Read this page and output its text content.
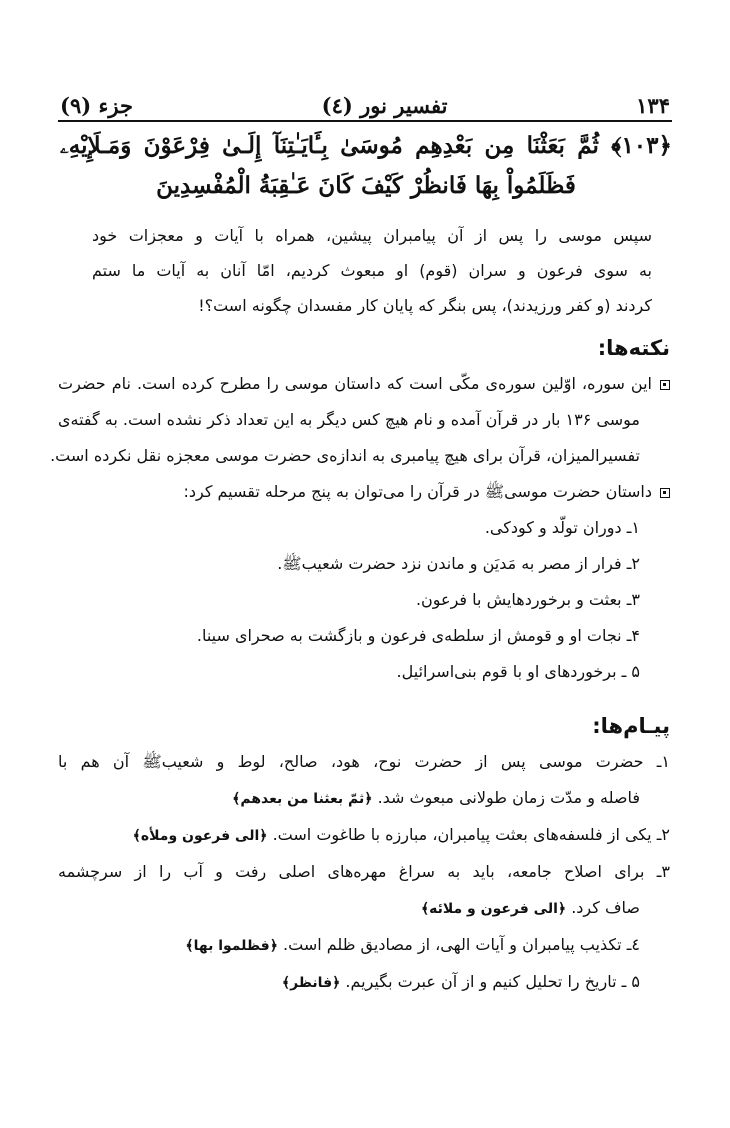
۱۳۴
تفسیر نور (٤)
جزء (۹)
﴿۱۰۳﴾ ثُمَّ بَعَثْنَا مِن بَعْدِهِم مُوسَىٰ بِـَٔايَـٰتِنَآ إِلَـىٰ فِرْعَوْنَ وَمَـلَإِيْهِۦ
فَظَلَمُواْ بِهَا فَانظُرْ كَيْفَ كَانَ عَـٰقِبَةُ الْمُفْسِدِينَ
سپس موسی را پس از آن پیامبران پیشین، همراه با آیات و معجزات خود
به سوی فرعون و سران (قوم) او مبعوث کردیم، امّا آنان به آیات ما ستم
کردند (و کفر ورزیدند)، پس بنگر که پایان کار مفسدان چگونه است؟!
نکته‌ها:
این سوره، اوّلین سوره‌ی مکّی است که داستان موسی را مطرح کرده است. نام حضرت
موسی ۱۳۶ بار در قرآن آمده و نام هیچ کس دیگر به این تعداد ذکر نشده است. به گفته‌ی
تفسیرالمیزان، قرآن برای هیچ پیامبری به اندازه‌ی حضرت موسی معجزه نقل نکرده است.
داستان حضرت موسی‌ﷺ در قرآن را می‌توان به پنج مرحله تقسیم کرد:
۱ـ دوران تولّد و کودکی.
۲ـ فرار از مصر به مَدیَن و ماندن نزد حضرت شعیب‌ﷺ.
۳ـ بعثت و برخوردهایش با فرعون.
۴ـ نجات او و قومش از سلطه‌ی فرعون و بازگشت به صحرای سینا.
۵ ـ برخوردهای او با قوم بنی‌اسرائیل.
پیـام‌ها:
۱ـ حضرت موسی پس از حضرت نوح، هود، صالح، لوط و شعیب‌ﷺ آن هم با
فاصله و مدّت زمان طولانی مبعوث شد. ﴿ثمّ بعثنا من بعدهم﴾
۲ـ یکی از فلسفه‌های بعثت پیامبران، مبارزه با طاغوت است. ﴿الی فرعون وملأه﴾
۳ـ برای اصلاح جامعه، باید به سراغ مهره‌های اصلی رفت و آب را از سرچشمه
صاف کرد. ﴿الی فرعون و ملائه﴾
٤ـ تکذیب پیامبران و آیات الهی، از مصادیق ظلم است. ﴿فظلموا بها﴾
۵ ـ تاریخ را تحلیل کنیم و از آن عبرت بگیریم. ﴿فانظر﴾
